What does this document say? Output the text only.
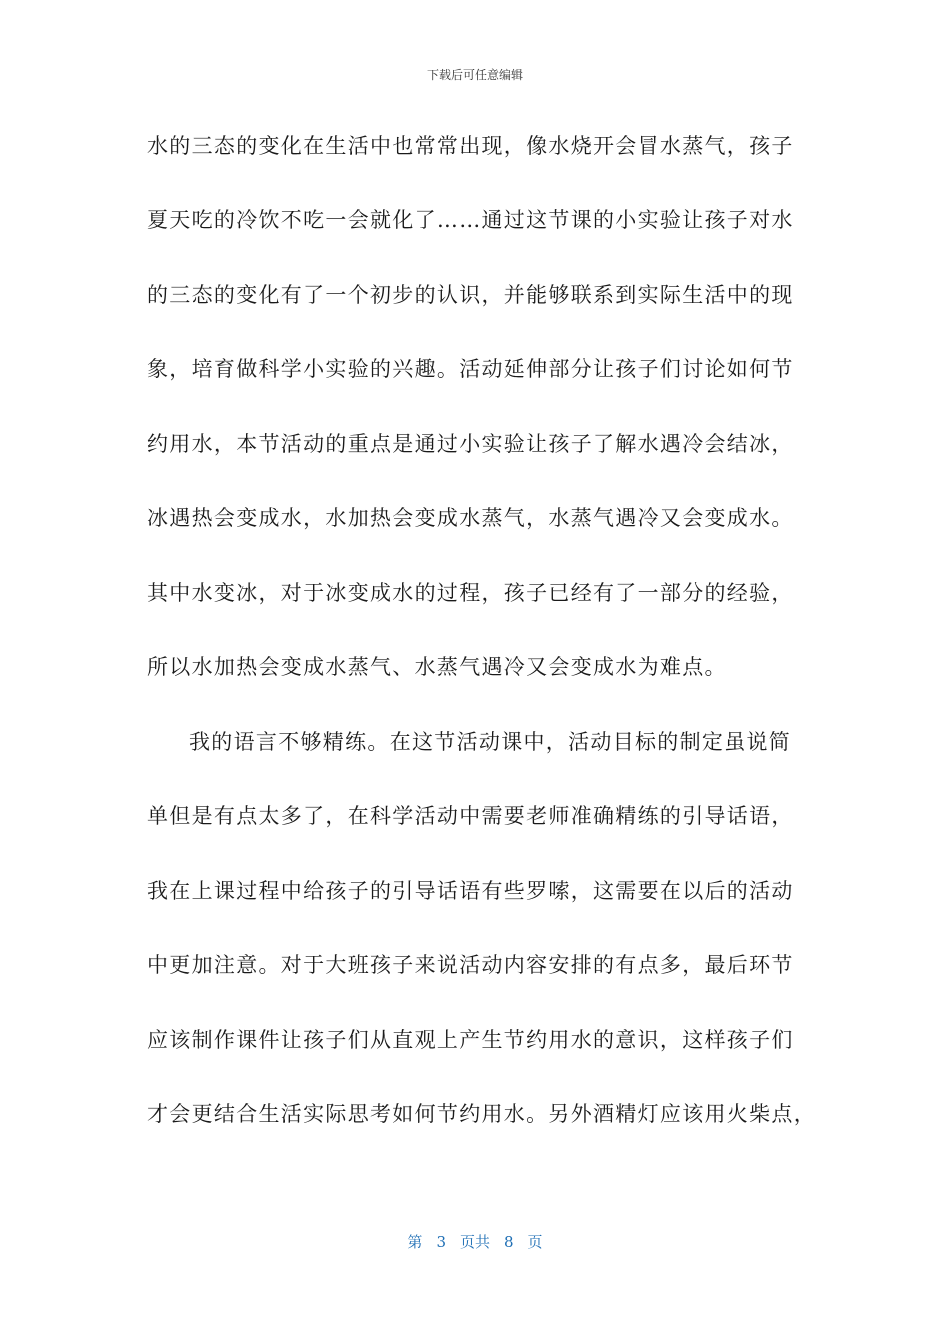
下载后可任意编辑
水的三态的变化在生活中也常常出现，像水烧开会冒水蒸气，孩子
夏天吃的冷饮不吃一会就化了……通过这节课的小实验让孩子对水
的三态的变化有了一个初步的认识，并能够联系到实际生活中的现
象，培育做科学小实验的兴趣。活动延伸部分让孩子们讨论如何节
约用水，本节活动的重点是通过小实验让孩子了解水遇冷会结冰，
冰遇热会变成水，水加热会变成水蒸气，水蒸气遇冷又会变成水。
其中水变冰，对于冰变成水的过程，孩子已经有了一部分的经验，
所以水加热会变成水蒸气、水蒸气遇冷又会变成水为难点。
我的语言不够精练。在这节活动课中，活动目标的制定虽说简
单但是有点太多了，在科学活动中需要老师准确精练的引导话语，
我在上课过程中给孩子的引导话语有些罗嗦，这需要在以后的活动
中更加注意。对于大班孩子来说活动内容安排的有点多，最后环节
应该制作课件让孩子们从直观上产生节约用水的意识，这样孩子们
才会更结合生活实际思考如何节约用水。另外酒精灯应该用火柴点，
第 3 页共 8 页
